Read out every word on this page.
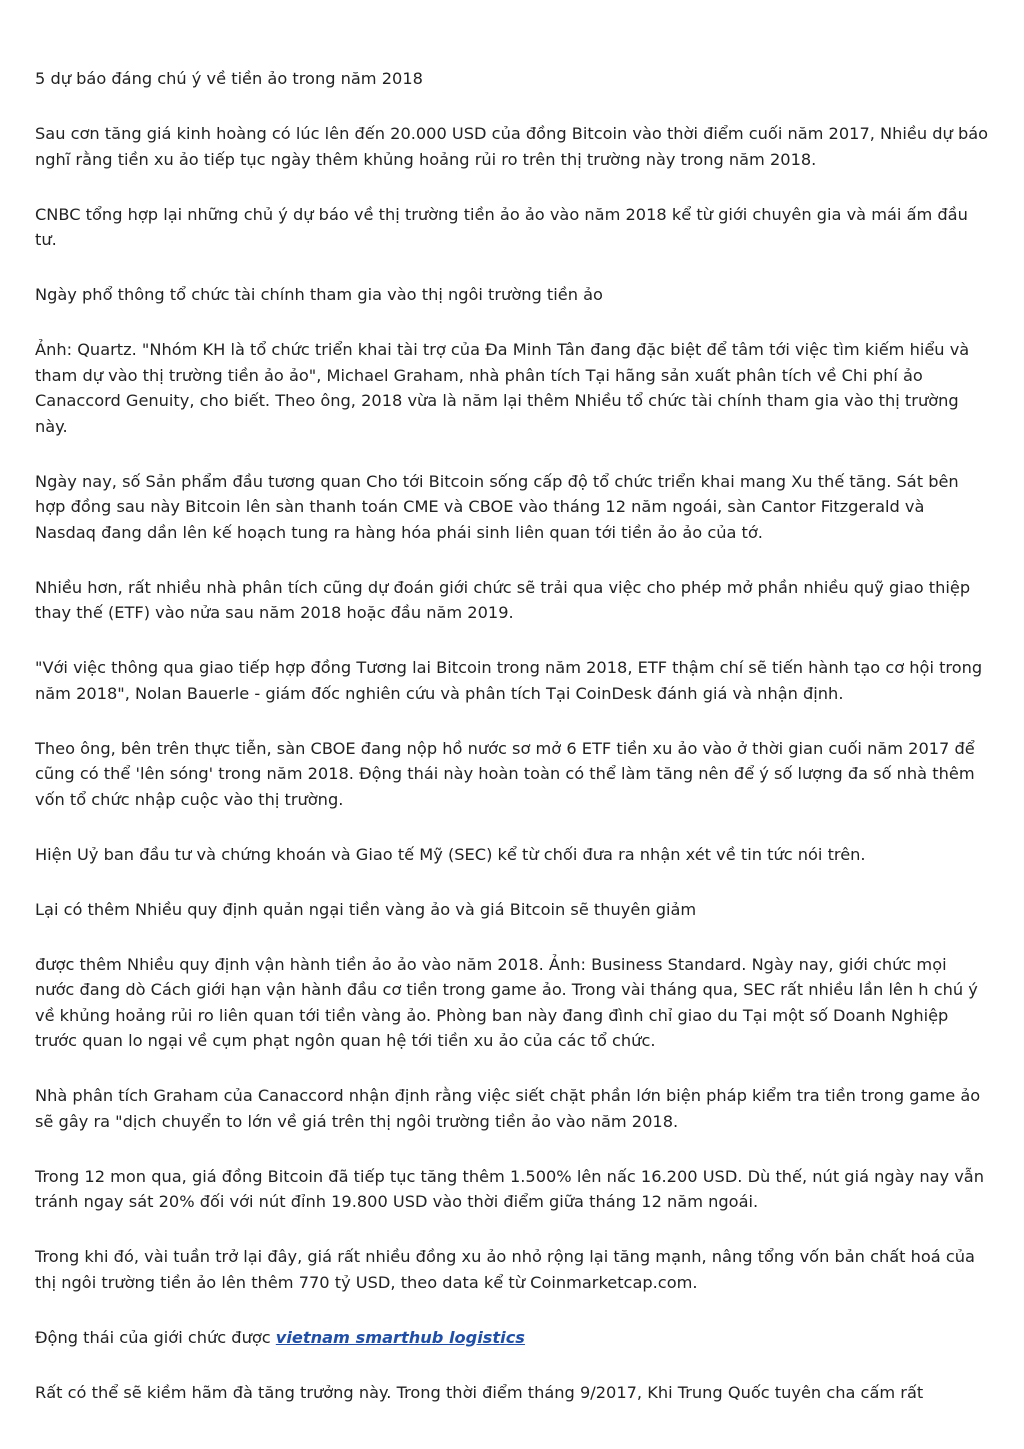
5 dự báo đáng chú ý về tiền ảo trong năm 2018

Sau cơn tăng giá kinh hoàng có lúc lên đến 20.000 USD của đồng Bitcoin vào thời điểm cuối năm 2017, Nhiều dự báo nghĩ rằng tiền xu ảo tiếp tục ngày thêm khủng hoảng rủi ro trên thị trường này trong năm 2018.

CNBC tổng hợp lại những chủ ý dự báo về thị trường tiền ảo ảo vào năm 2018 kể từ giới chuyên gia và mái ấm đầu tư.

Ngày phổ thông tổ chức tài chính tham gia vào thị ngôi trường tiền ảo

Ảnh: Quartz. "Nhóm KH là tổ chức triển khai tài trợ của Đa Minh Tân đang đặc biệt để tâm tới việc tìm kiếm hiểu và tham dự vào thị trường tiền ảo ảo", Michael Graham, nhà phân tích Tại hãng sản xuất phân tích về Chi phí ảo Canaccord Genuity, cho biết. Theo ông, 2018 vừa là năm lại thêm Nhiều tổ chức tài chính tham gia vào thị trường này.

Ngày nay, số Sản phẩm đầu tương quan Cho tới Bitcoin sống cấp độ tổ chức triển khai mang Xu thế tăng. Sát bên hợp đồng sau này Bitcoin lên sàn thanh toán CME và CBOE vào tháng 12 năm ngoái, sàn Cantor Fitzgerald và Nasdaq đang dần lên kế hoạch tung ra hàng hóa phái sinh liên quan tới tiền ảo ảo của tớ.

Nhiều hơn, rất nhiều nhà phân tích cũng dự đoán giới chức sẽ trải qua việc cho phép mở phần nhiều quỹ giao thiệp thay thế (ETF) vào nửa sau năm 2018 hoặc đầu năm 2019.

"Với việc thông qua giao tiếp hợp đồng Tương lai Bitcoin trong năm 2018, ETF thậm chí sẽ tiến hành tạo cơ hội trong năm 2018", Nolan Bauerle - giám đốc nghiên cứu và phân tích Tại CoinDesk đánh giá và nhận định.

Theo ông, bên trên thực tiễn, sàn CBOE đang nộp hồ nước sơ mở 6 ETF tiền xu ảo vào ở thời gian cuối năm 2017 để cũng có thể 'lên sóng' trong năm 2018. Động thái này hoàn toàn có thể làm tăng nên để ý số lượng đa số nhà thêm vốn tổ chức nhập cuộc vào thị trường.

Hiện Uỷ ban đầu tư và chứng khoán và Giao tế Mỹ (SEC) kể từ chối đưa ra nhận xét về tin tức nói trên.

Lại có thêm Nhiều quy định quản ngại tiền vàng ảo và giá Bitcoin sẽ thuyên giảm

được thêm Nhiều quy định vận hành tiền ảo ảo vào năm 2018. Ảnh: Business Standard. Ngày nay, giới chức mọi nước đang dò Cách giới hạn vận hành đầu cơ tiền trong game ảo. Trong vài tháng qua, SEC rất nhiều lần lên h chú ý về khủng hoảng rủi ro liên quan tới tiền vàng ảo. Phòng ban này đang đình chỉ giao du Tại một số Doanh Nghiệp trước quan lo ngại về cụm phạt ngôn quan hệ tới tiền xu ảo của các tổ chức.

Nhà phân tích Graham của Canaccord nhận định rằng việc siết chặt phần lớn biện pháp kiểm tra tiền trong game ảo sẽ gây ra "dịch chuyển to lớn về giá trên thị ngôi trường tiền ảo vào năm 2018.

Trong 12 mon qua, giá đồng Bitcoin đã tiếp tục tăng thêm 1.500% lên nấc 16.200 USD. Dù thế, nút giá ngày nay vẫn tránh ngay sát 20% đối với nút đỉnh 19.800 USD vào thời điểm giữa tháng 12 năm ngoái.

Trong khi đó, vài tuần trở lại đây, giá rất nhiều đồng xu ảo nhỏ rộng lại tăng mạnh, nâng tổng vốn bản chất hoá của thị ngôi trường tiền ảo lên thêm 770 tỷ USD, theo data kể từ Coinmarketcap.com.

Động thái của giới chức được vietnam smarthub logistics

Rất có thể sẽ kiềm hãm đà tăng trưởng này. Trong thời điểm tháng 9/2017, Khi Trung Quốc tuyên cha cấm rất
